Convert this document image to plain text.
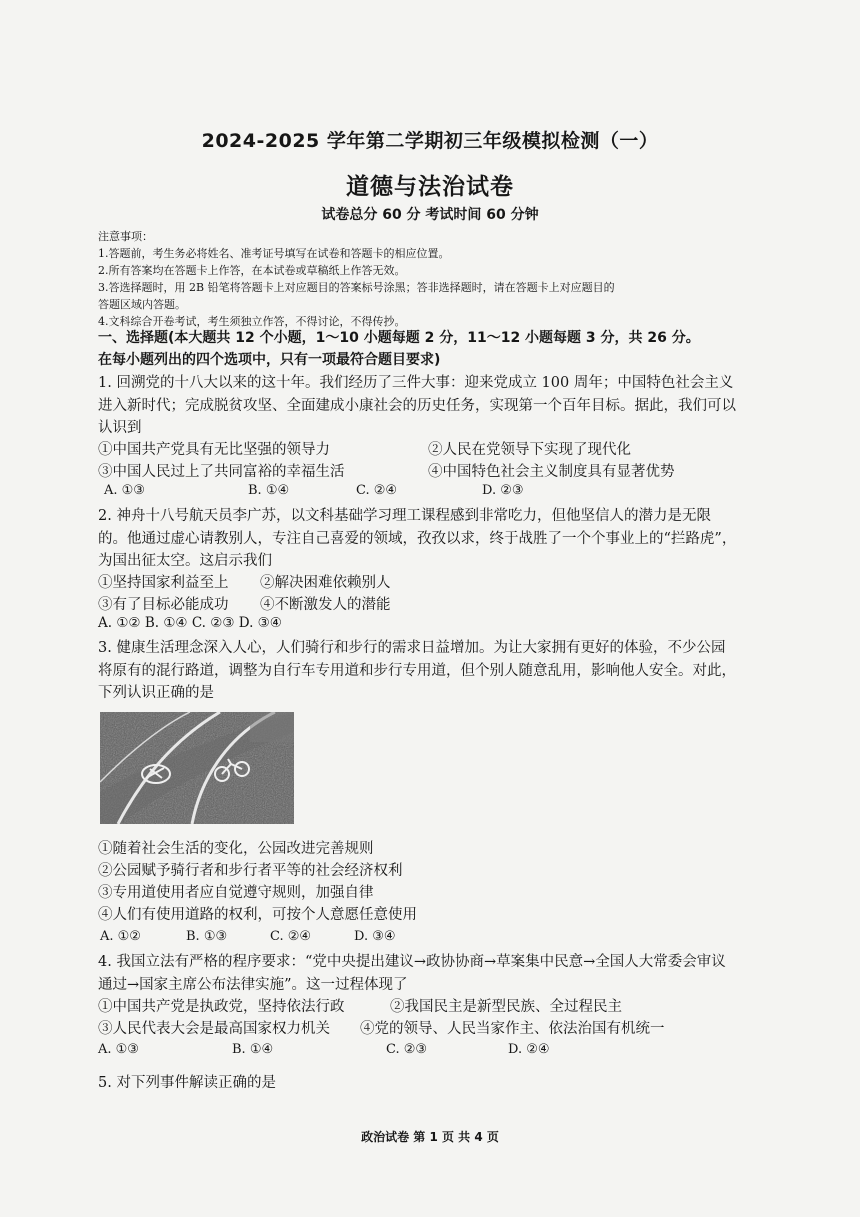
2024-2025 学年第二学期初三年级模拟检测（一）
道德与法治试卷
试卷总分 60 分 考试时间 60 分钟
注意事项：
1.答题前，考生务必将姓名、准考证号填写在试卷和答题卡的相应位置。
2.所有答案均在答题卡上作答，在本试卷或草稿纸上作答无效。
3.答选择题时，用 2B 铅笔将答题卡上对应题目的答案标号涂黑；答非选择题时，请在答题卡上对应题目的
答题区域内答题。
4.文科综合开卷考试，考生须独立作答，不得讨论，不得传抄。
一、选择题(本大题共 12 个小题，1～10 小题每题 2 分，11～12 小题每题 3 分，共 26 分。
在每小题列出的四个选项中，只有一项最符合题目要求)
1. 回溯党的十八大以来的这十年。我们经历了三件大事：迎来党成立 100 周年；中国特色社会主义进入新时代；完成脱贫攻坚、全面建成小康社会的历史任务，实现第一个百年目标。据此，我们可以认识到
①中国共产党具有无比坚强的领导力	②人民在党领导下实现了现代化
③中国人民过上了共同富裕的幸福生活	④中国特色社会主义制度具有显著优势
A. ①③	B. ①④	C. ②④	D. ②③
2. 神舟十八号航天员李广苏，以文科基础学习理工课程感到非常吃力，但他坚信人的潜力是无限的。他通过虚心请教别人，专注自己喜爱的领域，孜孜以求，终于战胜了一个个事业上的“拦路虎”，为国出征太空。这启示我们
①坚持国家利益至上 ②解决困难依赖别人
③有了目标必能成功 ④不断激发人的潜能
A. ①② B. ①④ C. ②③ D. ③④
3. 健康生活理念深入人心，人们骑行和步行的需求日益增加。为让大家拥有更好的体验，不少公园将原有的混行路道，调整为自行车专用道和步行专用道，但个别人随意乱用，影响他人安全。对此，下列认识正确的是
①随着社会生活的变化，公园改进完善规则
②公园赋予骑行者和步行者平等的社会经济权利
③专用道使用者应自觉遵守规则，加强自律
④人们有使用道路的权利，可按个人意愿任意使用
A. ①②	B. ①③	C. ②④	D. ③④
4. 我国立法有严格的程序要求：“党中央提出建议→政协协商→草案集中民意→全国人大常委会审议通过→国家主席公布法律实施”。这一过程体现了
①中国共产党是执政党，坚持依法行政	②我国民主是新型民族、全过程民主
③人民代表大会是最高国家权力机关 ④党的领导、人民当家作主、依法治国有机统一
A. ①③	B. ①④	C. ②③	D. ②④
5. 对下列事件解读正确的是
政治试卷 第 1 页 共 4 页
